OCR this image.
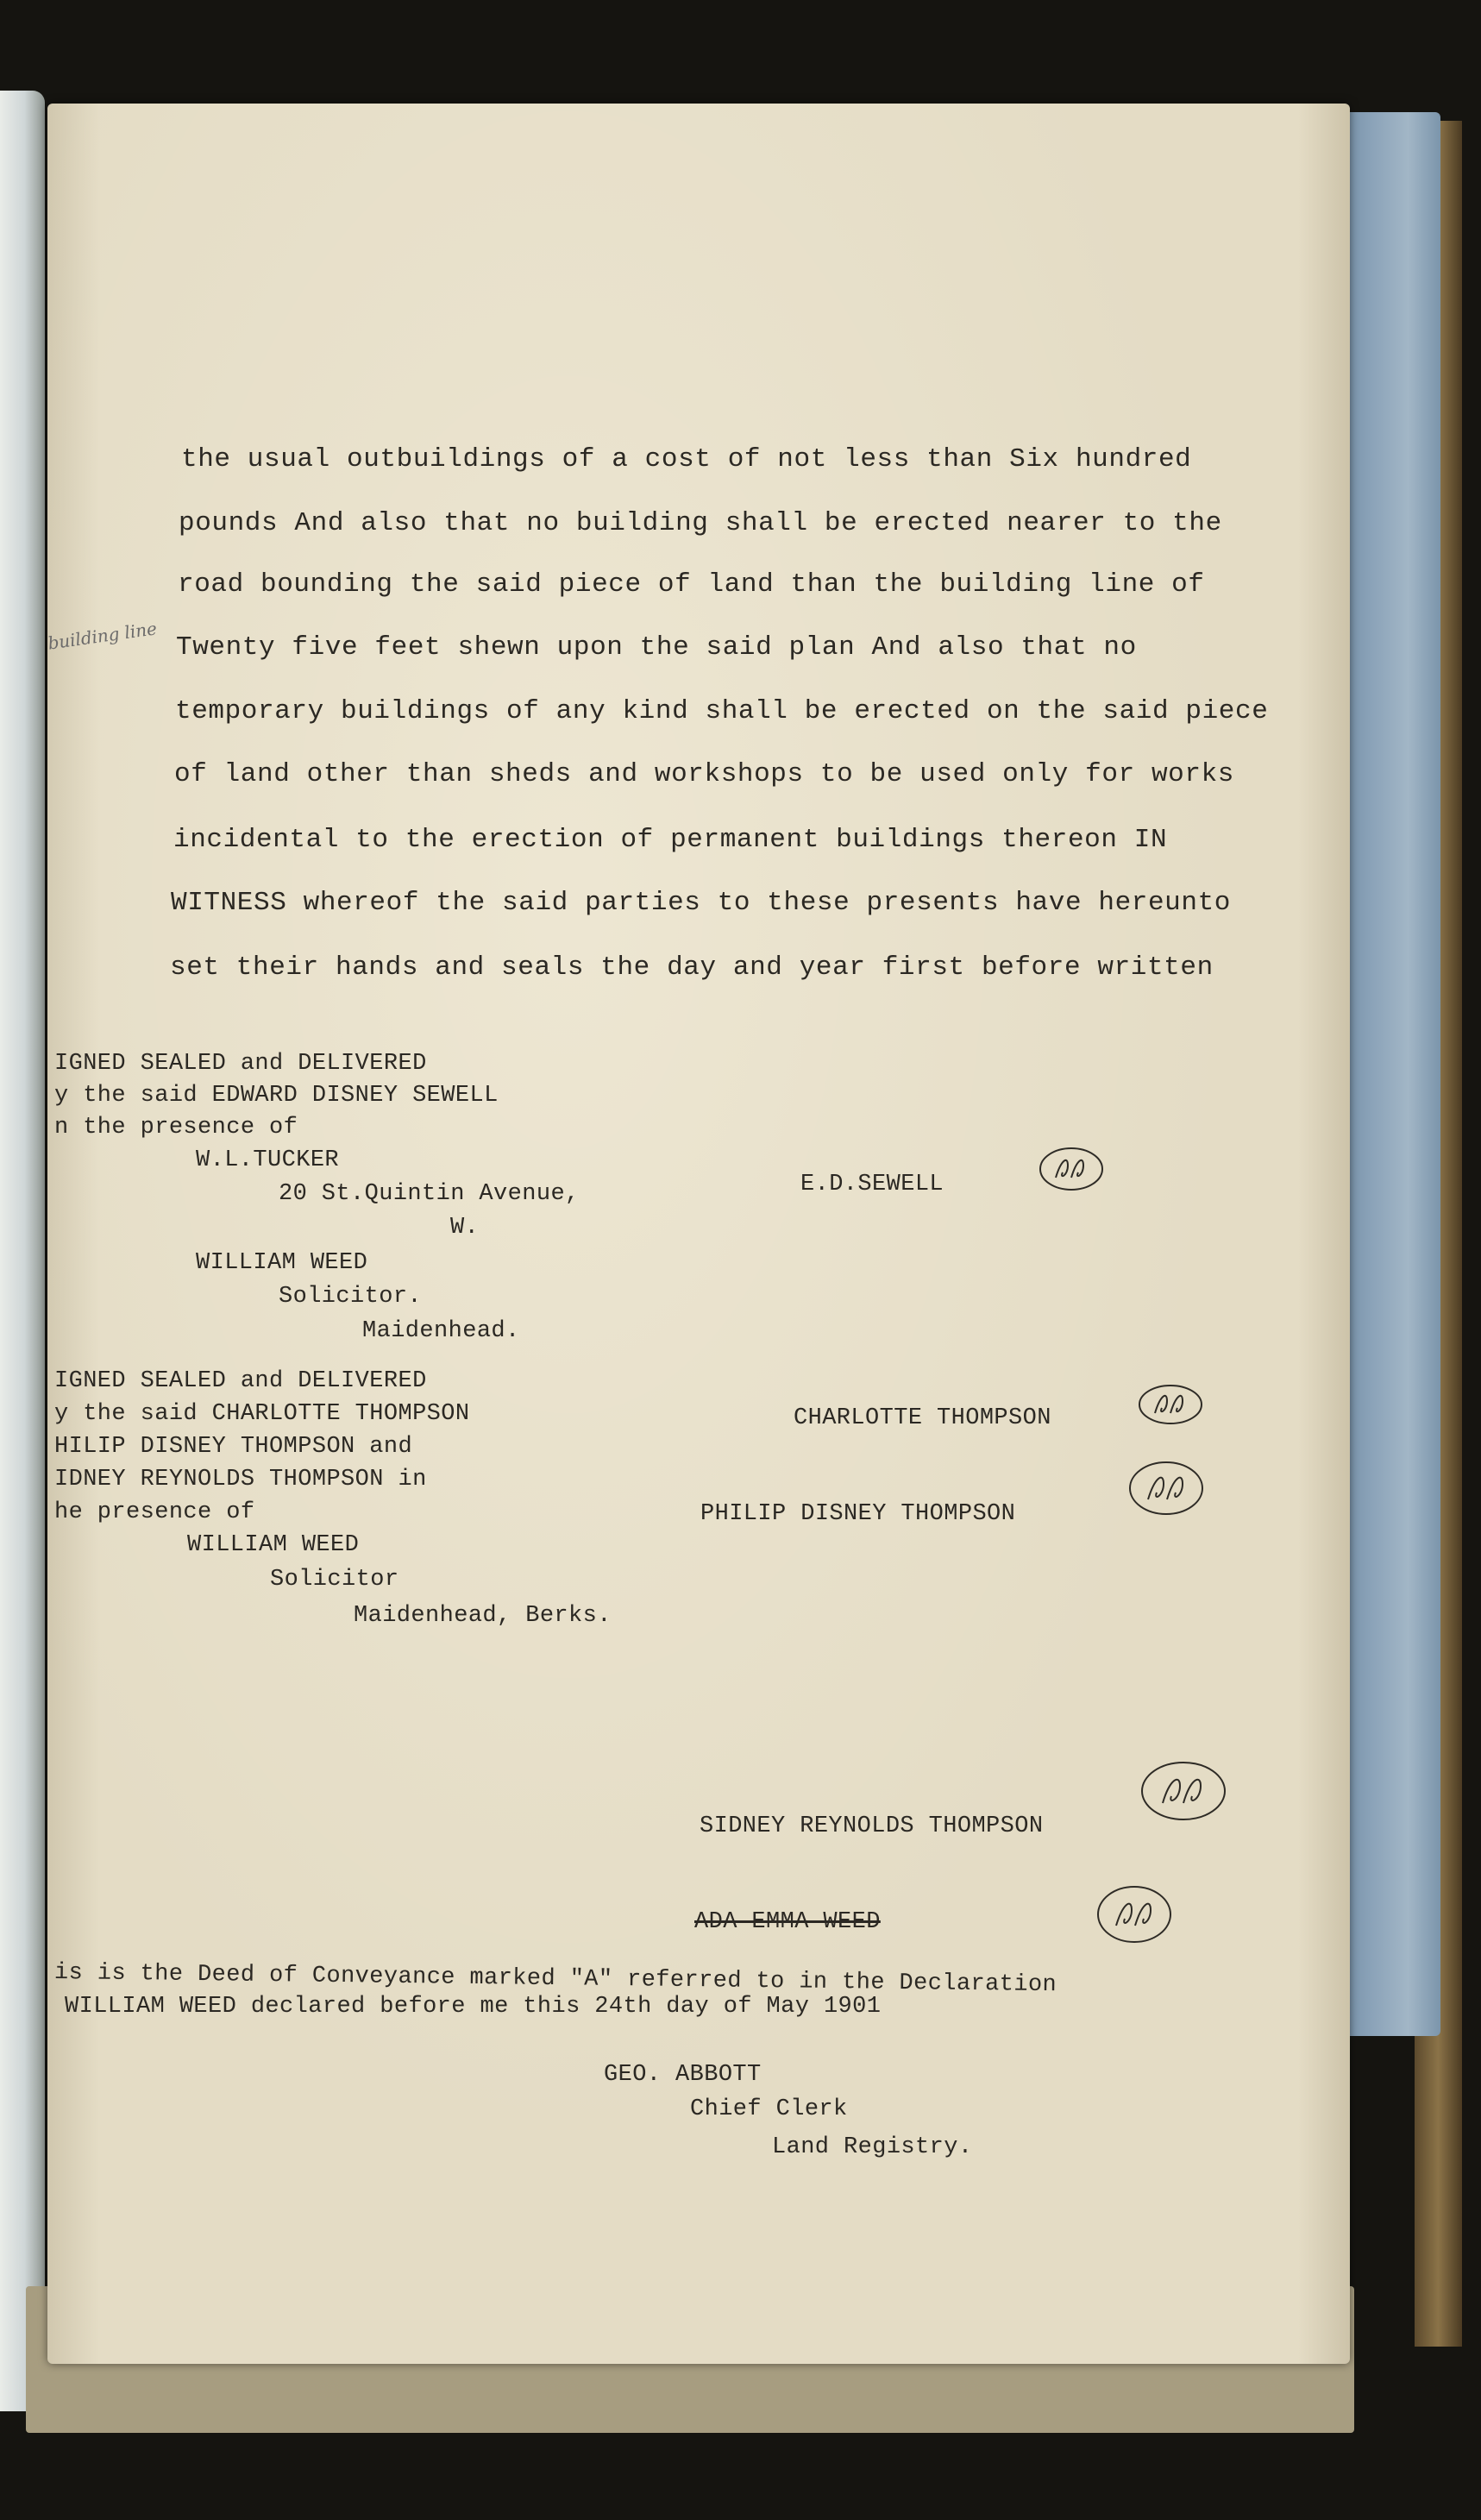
building line
the usual outbuildings of a cost of not less than Six hundred
pounds And also that no building shall be erected nearer to the
road bounding the said piece of land than the building line of
Twenty five feet shewn upon the said plan And also that no
temporary buildings of any kind shall be erected on the said piece
of land other than sheds and workshops to be used only for works
incidental to the erection of permanent buildings thereon IN
WITNESS whereof the said parties to these presents have hereunto
set their hands and seals the day and year first before written
IGNED SEALED and DELIVERED
y the said EDWARD DISNEY SEWELL
n the presence of
W.L.TUCKER
20 St.Quintin Avenue,
W.
WILLIAM WEED
Solicitor.
Maidenhead.
E.D.SEWELL
IGNED SEALED and DELIVERED
y the said CHARLOTTE THOMPSON
HILIP DISNEY THOMPSON and
IDNEY REYNOLDS THOMPSON in
he presence of
WILLIAM WEED
Solicitor
Maidenhead, Berks.
CHARLOTTE THOMPSON
PHILIP DISNEY THOMPSON
SIDNEY REYNOLDS THOMPSON
ADA EMMA WEED
is is the Deed of Conveyance marked "A" referred to in the Declaration
WILLIAM WEED declared before me this 24th day of May 1901
GEO. ABBOTT
Chief Clerk
Land Registry.
